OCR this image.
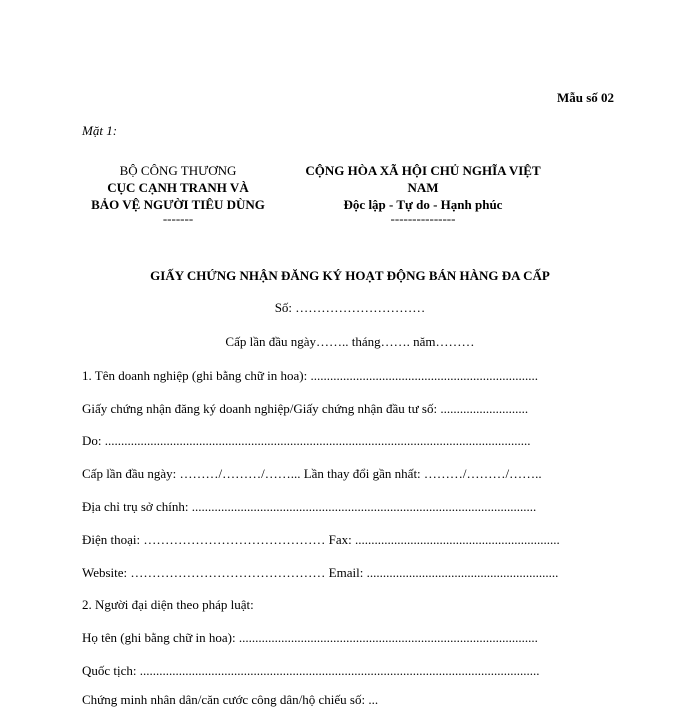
Mẫu số 02
Mặt 1:
BỘ CÔNG THƯƠNG
CỤC CẠNH TRANH VÀ
BẢO VỆ NGƯỜI TIÊU DÙNG
-------
CỘNG HÒA XÃ HỘI CHỦ NGHĨA VIỆT
NAM
Độc lập - Tự do - Hạnh phúc
---------------
GIẤY CHỨNG NHẬN ĐĂNG KÝ HOẠT ĐỘNG BÁN HÀNG ĐA CẤP
Số: …………………………
Cấp lần đầu ngày…….. tháng……. năm………
1. Tên doanh nghiệp (ghi bằng chữ in hoa): ......................................................................
Giấy chứng nhận đăng ký doanh nghiệp/Giấy chứng nhận đầu tư số: ...........................
Do: ...................................................................................................................................
Cấp lần đầu ngày: ………/………/……... Lần thay đổi gần nhất: ………/………/……..
Địa chỉ trụ sở chính: ..........................................................................................................
Điện thoại: …………………………………… Fax: ...............................................................
Website: ……………………………………… Email: ...........................................................
2. Người đại diện theo pháp luật:
Họ tên (ghi bằng chữ in hoa): ............................................................................................
Quốc tịch: ...........................................................................................................................
Chứng minh nhân dân/căn cước công dân/hộ chiếu số: ...
